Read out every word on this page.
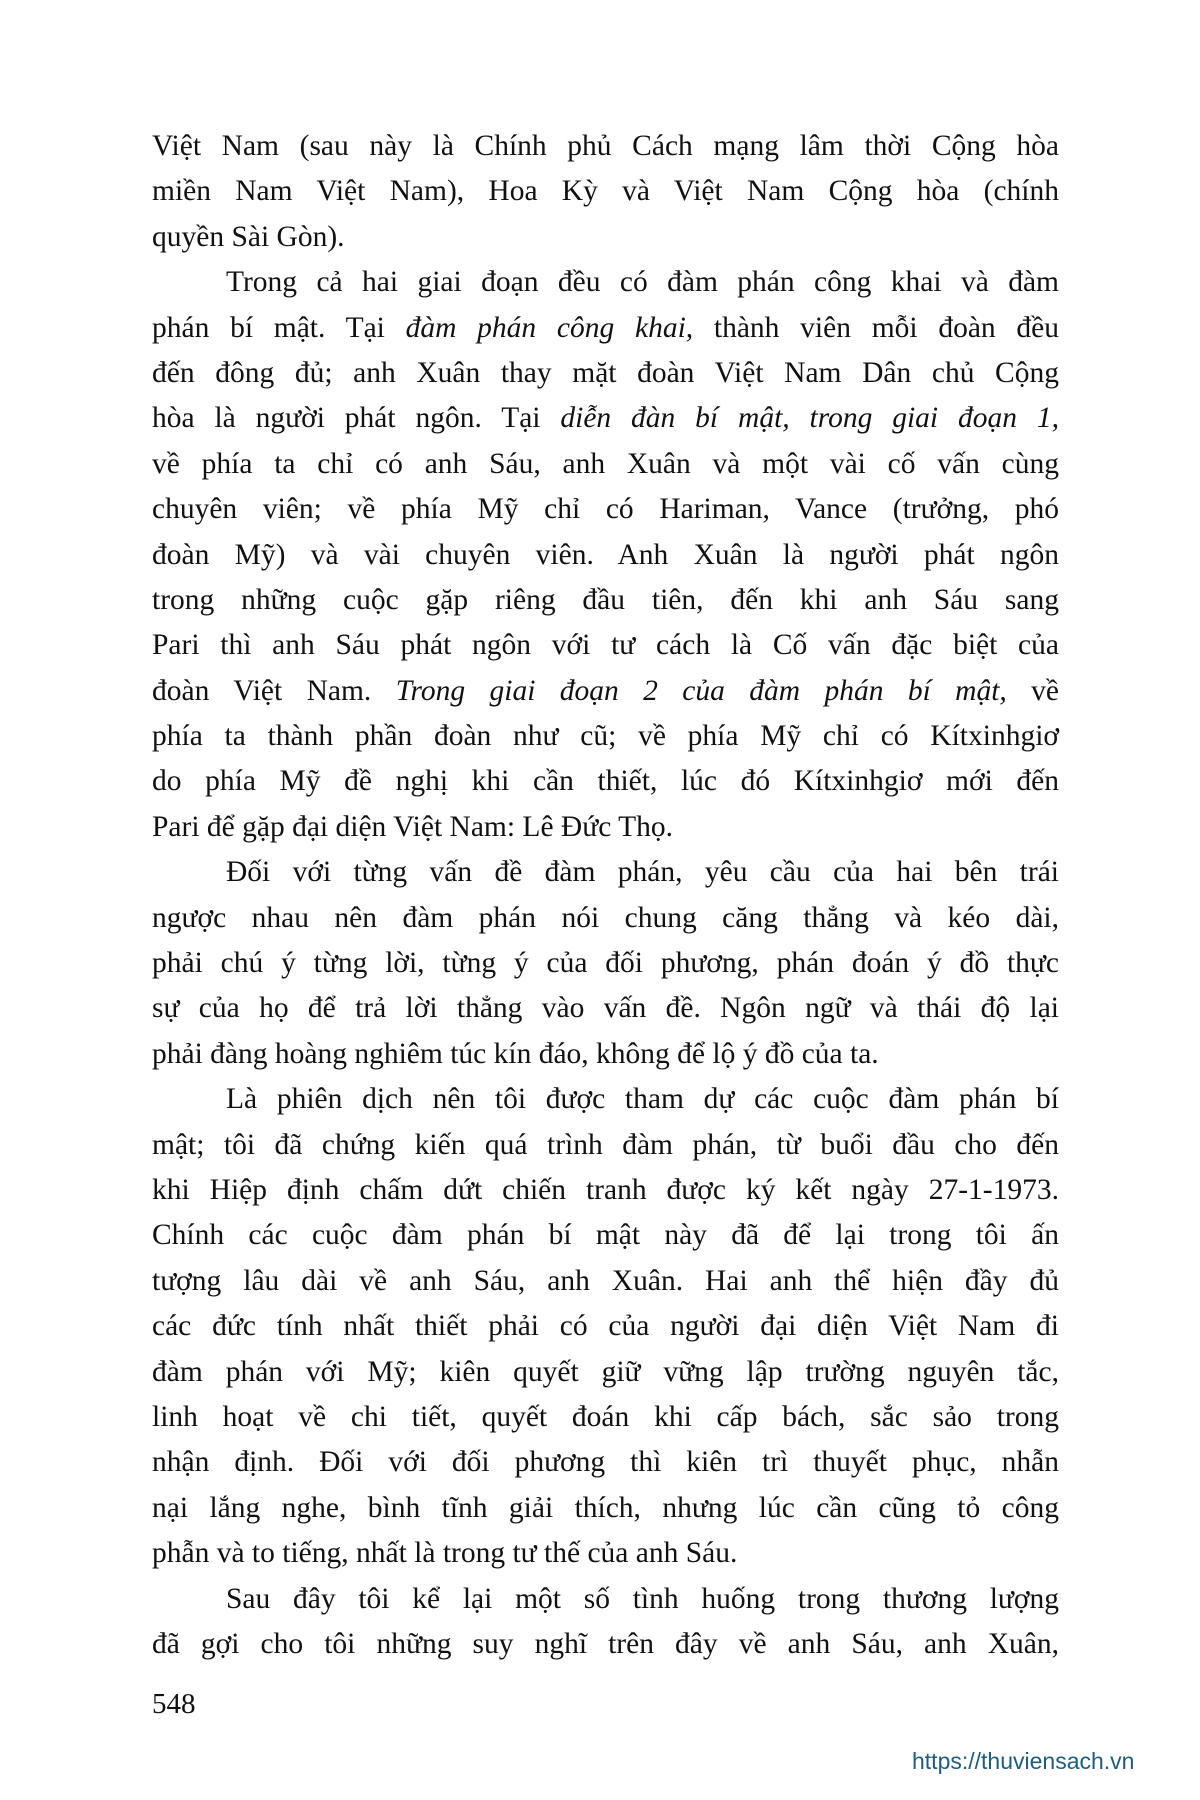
Việt Nam (sau này là Chính phủ Cách mạng lâm thời Cộng hòa
miền Nam Việt Nam), Hoa Kỳ và Việt Nam Cộng hòa (chính
quyền Sài Gòn).
Trong cả hai giai đoạn đều có đàm phán công khai và đàm
phán bí mật. Tại đàm phán công khai, thành viên mỗi đoàn đều
đến đông đủ; anh Xuân thay mặt đoàn Việt Nam Dân chủ Cộng
hòa là người phát ngôn. Tại diễn đàn bí mật, trong giai đoạn 1,
về phía ta chỉ có anh Sáu, anh Xuân và một vài cố vấn cùng
chuyên viên; về phía Mỹ chỉ có Hariman, Vance (trưởng, phó
đoàn Mỹ) và vài chuyên viên. Anh Xuân là người phát ngôn
trong những cuộc gặp riêng đầu tiên, đến khi anh Sáu sang
Pari thì anh Sáu phát ngôn với tư cách là Cố vấn đặc biệt của
đoàn Việt Nam. Trong giai đoạn 2 của đàm phán bí mật, về
phía ta thành phần đoàn như cũ; về phía Mỹ chỉ có Kítxinhgiơ
do phía Mỹ đề nghị khi cần thiết, lúc đó Kítxinhgiơ mới đến
Pari để gặp đại diện Việt Nam: Lê Đức Thọ.
Đối với từng vấn đề đàm phán, yêu cầu của hai bên trái
ngược nhau nên đàm phán nói chung căng thẳng và kéo dài,
phải chú ý từng lời, từng ý của đối phương, phán đoán ý đồ thực
sự của họ để trả lời thẳng vào vấn đề. Ngôn ngữ và thái độ lại
phải đàng hoàng nghiêm túc kín đáo, không để lộ ý đồ của ta.
Là phiên dịch nên tôi được tham dự các cuộc đàm phán bí
mật; tôi đã chứng kiến quá trình đàm phán, từ buổi đầu cho đến
khi Hiệp định chấm dứt chiến tranh được ký kết ngày 27-1-1973.
Chính các cuộc đàm phán bí mật này đã để lại trong tôi ấn
tượng lâu dài về anh Sáu, anh Xuân. Hai anh thể hiện đầy đủ
các đức tính nhất thiết phải có của người đại diện Việt Nam đi
đàm phán với Mỹ; kiên quyết giữ vững lập trường nguyên tắc,
linh hoạt về chi tiết, quyết đoán khi cấp bách, sắc sảo trong
nhận định. Đối với đối phương thì kiên trì thuyết phục, nhẫn
nại lắng nghe, bình tĩnh giải thích, nhưng lúc cần cũng tỏ công
phẫn và to tiếng, nhất là trong tư thế của anh Sáu.
Sau đây tôi kể lại một số tình huống trong thương lượng
đã gợi cho tôi những suy nghĩ trên đây về anh Sáu, anh Xuân,
548
https://thuviensach.vn
